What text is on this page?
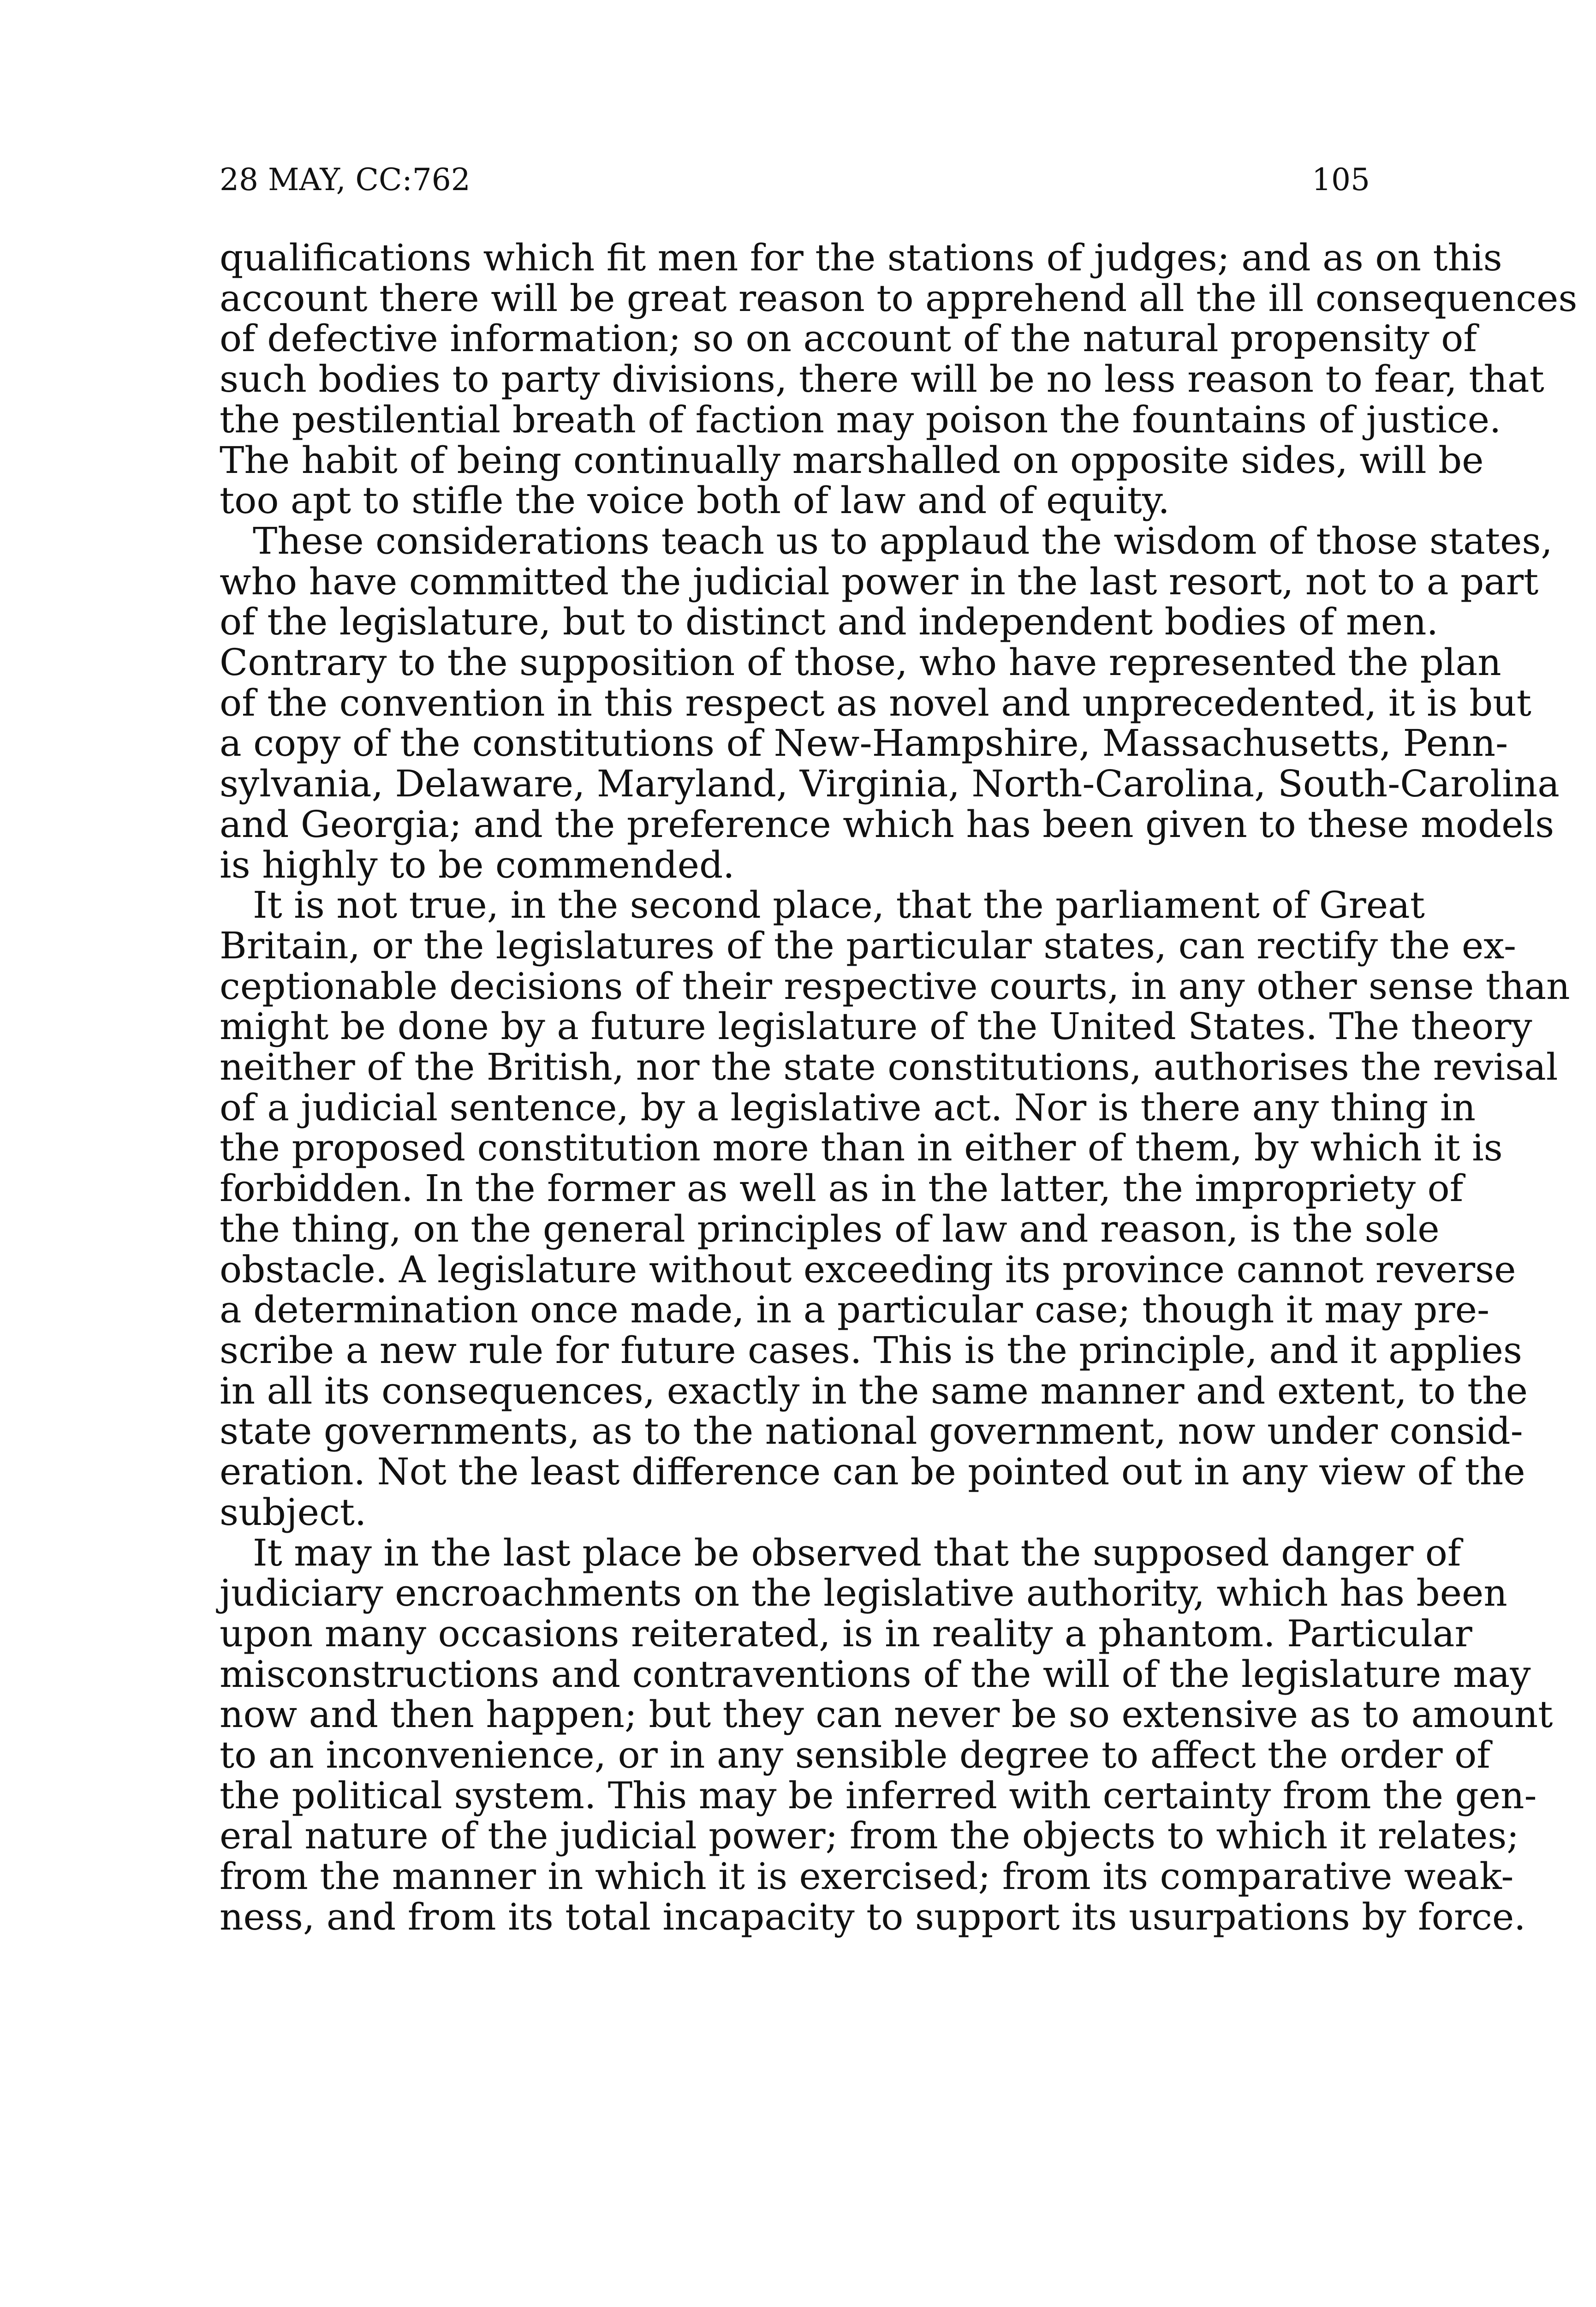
28 MAY, CC:762	105
qualifications which fit men for the stations of judges; and as on this
account there will be great reason to apprehend all the ill consequences
of defective information; so on account of the natural propensity of
such bodies to party divisions, there will be no less reason to fear, that
the pestilential breath of faction may poison the fountains of justice.
The habit of being continually marshalled on opposite sides, will be
too apt to stifle the voice both of law and of equity.
These considerations teach us to applaud the wisdom of those states,
who have committed the judicial power in the last resort, not to a part
of the legislature, but to distinct and independent bodies of men.
Contrary to the supposition of those, who have represented the plan
of the convention in this respect as novel and unprecedented, it is but
a copy of the constitutions of New-Hampshire, Massachusetts, Penn-
sylvania, Delaware, Maryland, Virginia, North-Carolina, South-Carolina
and Georgia; and the preference which has been given to these models
is highly to be commended.
It is not true, in the second place, that the parliament of Great
Britain, or the legislatures of the particular states, can rectify the ex-
ceptionable decisions of their respective courts, in any other sense than
might be done by a future legislature of the United States. The theory
neither of the British, nor the state constitutions, authorises the revisal
of a judicial sentence, by a legislative act. Nor is there any thing in
the proposed constitution more than in either of them, by which it is
forbidden. In the former as well as in the latter, the impropriety of
the thing, on the general principles of law and reason, is the sole
obstacle. A legislature without exceeding its province cannot reverse
a determination once made, in a particular case; though it may pre-
scribe a new rule for future cases. This is the principle, and it applies
in all its consequences, exactly in the same manner and extent, to the
state governments, as to the national government, now under consid-
eration. Not the least difference can be pointed out in any view of the
subject.
It may in the last place be observed that the supposed danger of
judiciary encroachments on the legislative authority, which has been
upon many occasions reiterated, is in reality a phantom. Particular
misconstructions and contraventions of the will of the legislature may
now and then happen; but they can never be so extensive as to amount
to an inconvenience, or in any sensible degree to affect the order of
the political system. This may be inferred with certainty from the gen-
eral nature of the judicial power; from the objects to which it relates;
from the manner in which it is exercised; from its comparative weak-
ness, and from its total incapacity to support its usurpations by force.
